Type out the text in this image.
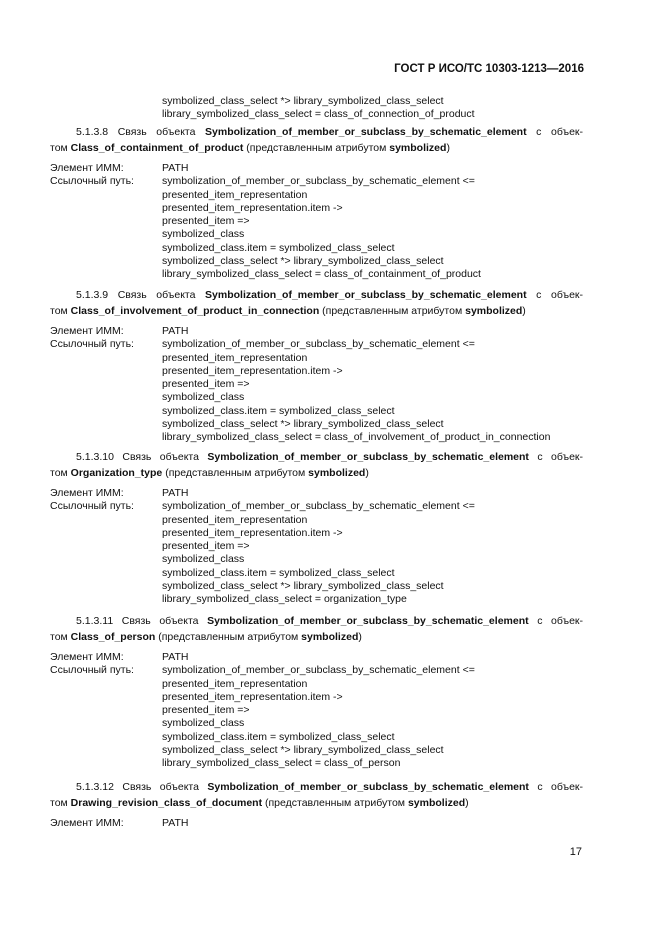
ГОСТ Р ИСО/ТС 10303-1213—2016
symbolized_class_select *> library_symbolized_class_select
library_symbolized_class_select = class_of_connection_of_product
5.1.3.8 Связь объекта Symbolization_of_member_or_subclass_by_schematic_element с объек-
том Class_of_containment_of_product (представленным атрибутом symbolized)
Элемент ИММ:	PATH
Ссылочный путь:	symbolization_of_member_or_subclass_by_schematic_element <=
presented_item_representation
presented_item_representation.item ->
presented_item =>
symbolized_class
symbolized_class.item = symbolized_class_select
symbolized_class_select *> library_symbolized_class_select
library_symbolized_class_select = class_of_containment_of_product
5.1.3.9 Связь объекта Symbolization_of_member_or_subclass_by_schematic_element с объек-
том Class_of_involvement_of_product_in_connection (представленным атрибутом symbolized)
Элемент ИММ:	PATH
Ссылочный путь:	symbolization_of_member_or_subclass_by_schematic_element <=
presented_item_representation
presented_item_representation.item ->
presented_item =>
symbolized_class
symbolized_class.item = symbolized_class_select
symbolized_class_select *> library_symbolized_class_select
library_symbolized_class_select = class_of_involvement_of_product_in_connection
5.1.3.10 Связь объекта Symbolization_of_member_or_subclass_by_schematic_element с объек-
том Organization_type (представленным атрибутом symbolized)
Элемент ИММ:	PATH
Ссылочный путь:	symbolization_of_member_or_subclass_by_schematic_element <=
presented_item_representation
presented_item_representation.item ->
presented_item =>
symbolized_class
symbolized_class.item = symbolized_class_select
symbolized_class_select *> library_symbolized_class_select
library_symbolized_class_select = organization_type
5.1.3.11 Связь объекта Symbolization_of_member_or_subclass_by_schematic_element с объек-
том Class_of_person (представленным атрибутом symbolized)
Элемент ИММ:	PATH
Ссылочный путь:	symbolization_of_member_or_subclass_by_schematic_element <=
presented_item_representation
presented_item_representation.item ->
presented_item =>
symbolized_class
symbolized_class.item = symbolized_class_select
symbolized_class_select *> library_symbolized_class_select
library_symbolized_class_select = class_of_person
5.1.3.12 Связь объекта Symbolization_of_member_or_subclass_by_schematic_element с объек-
том Drawing_revision_class_of_document (представленным атрибутом symbolized)
Элемент ИММ:	PATH
17
